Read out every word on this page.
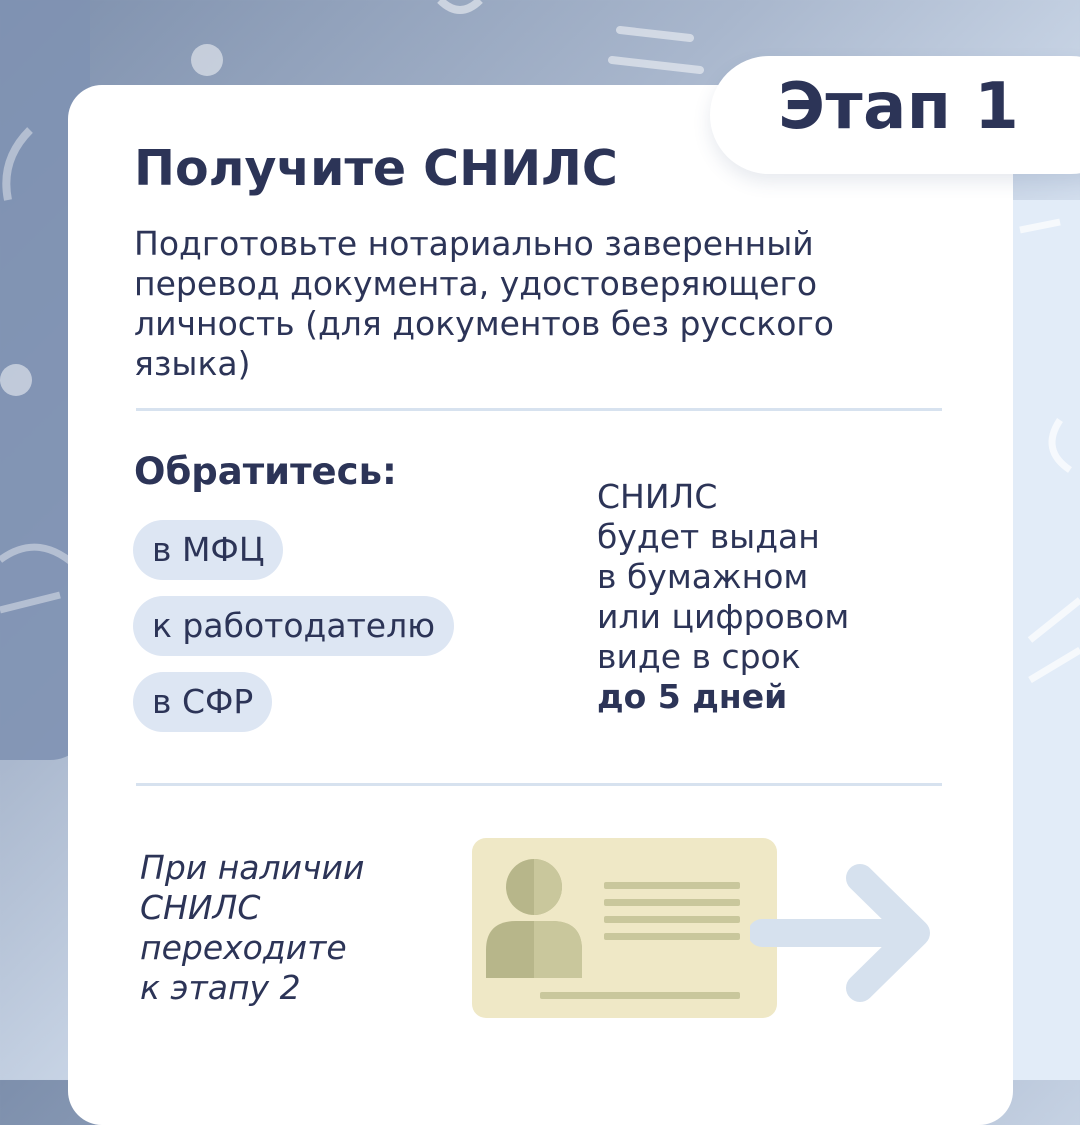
Этап 1
Получите СНИЛС
Подготовьте нотариально заверенный перевод документа, удостоверяющего личность (для документов без русского языка)
Обратитесь:
в МФЦ
к работодателю
в СФР
СНИЛС
будет выдан
в бумажном
или цифровом
виде в срок
до 5 дней
При наличии
СНИЛС
переходите
к этапу 2
